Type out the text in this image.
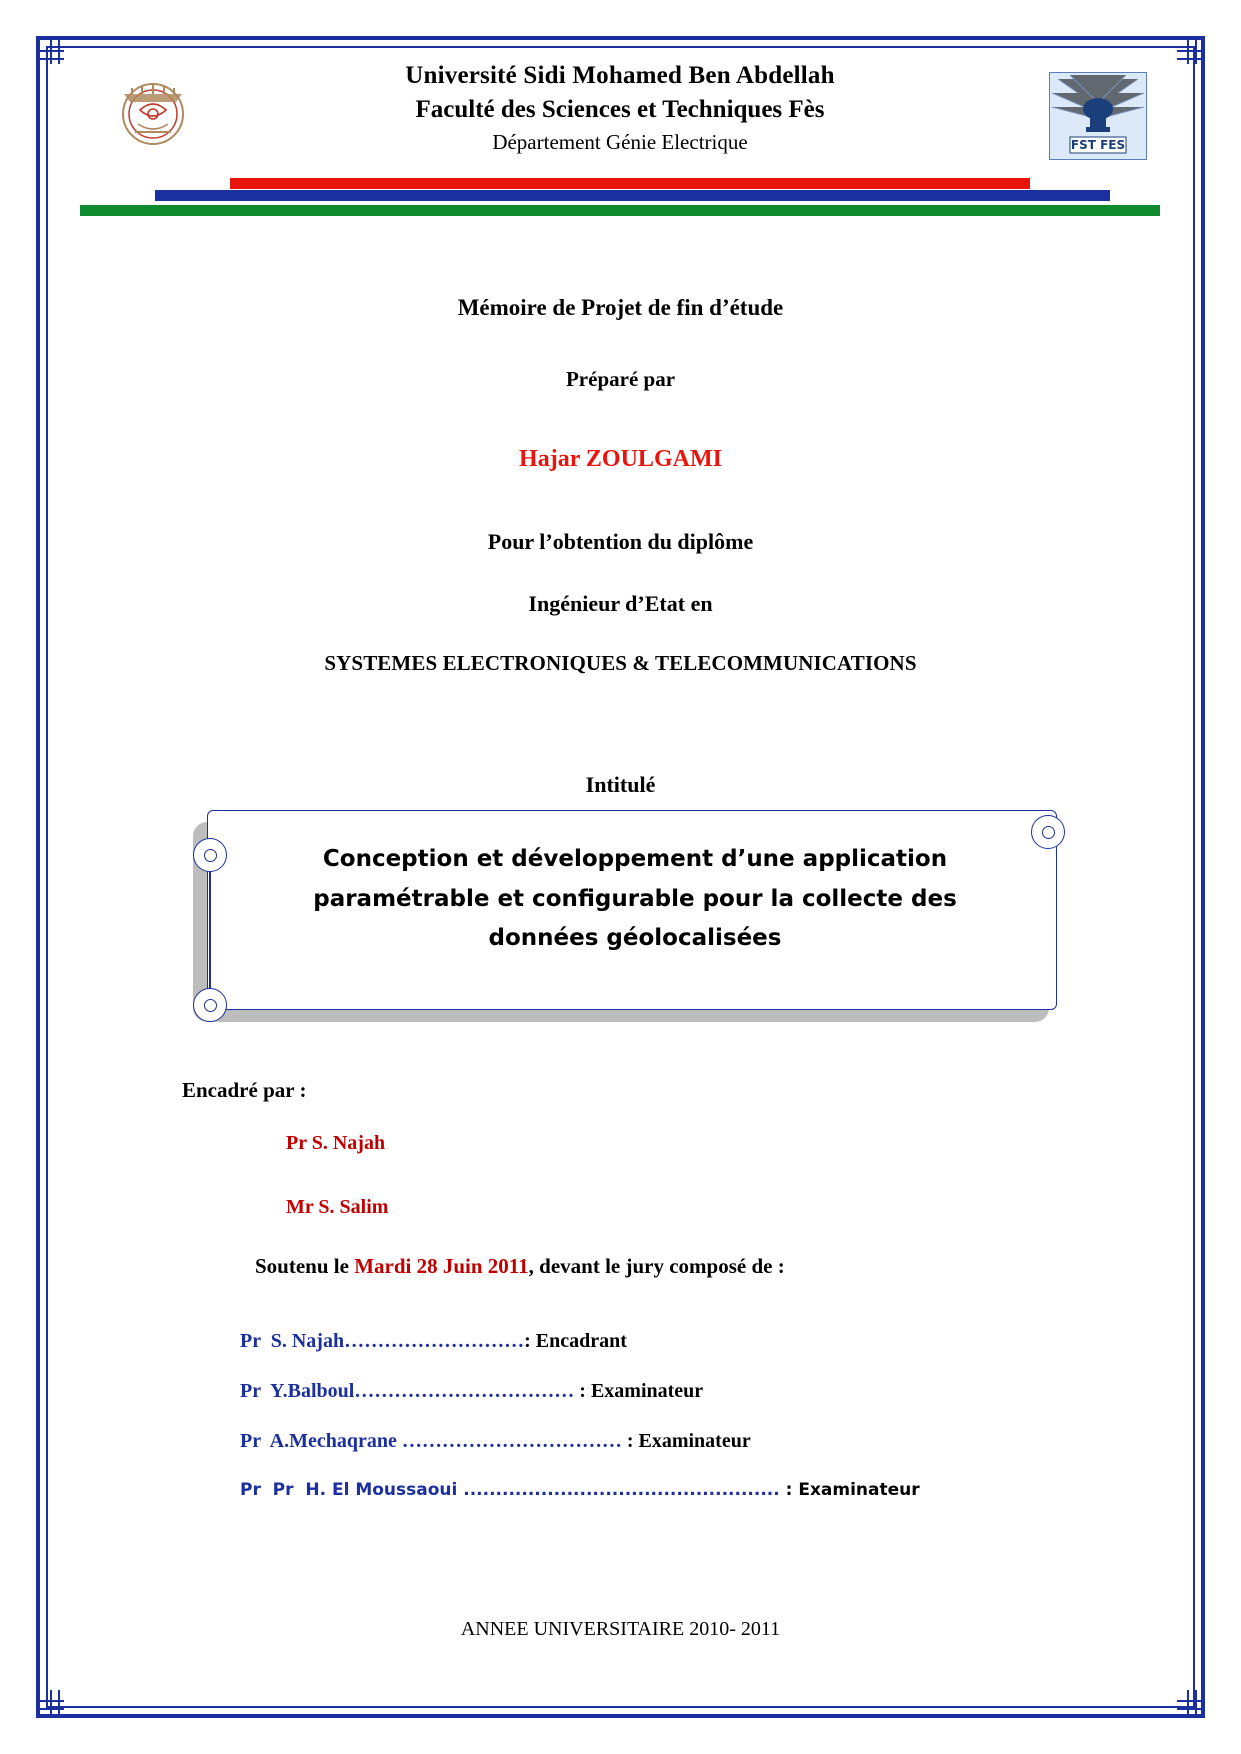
Université Sidi Mohamed Ben Abdellah
Faculté des Sciences et Techniques Fès
Département Génie Electrique	FST FES
Mémoire de Projet de fin d’étude
Préparé par
Hajar ZOULGAMI
Pour l’obtention du diplôme
Ingénieur d’Etat en
SYSTEMES ELECTRONIQUES & TELECOMMUNICATIONS
Intitulé
Conception et développement d’une application
paramétrable et configurable pour la collecte des
données géolocalisées
Encadré par :
Pr S. Najah
Mr S. Salim
Soutenu le Mardi 28 Juin 2011, devant le jury composé de :
Pr  S. Najah………………………: Encadrant
Pr  Y.Balboul…………………………… : Examinateur
Pr  A.Mechaqrane …………………………… : Examinateur
Pr  Pr  H. El Moussaoui ................................................. : Examinateur
ANNEE UNIVERSITAIRE 2010- 2011
